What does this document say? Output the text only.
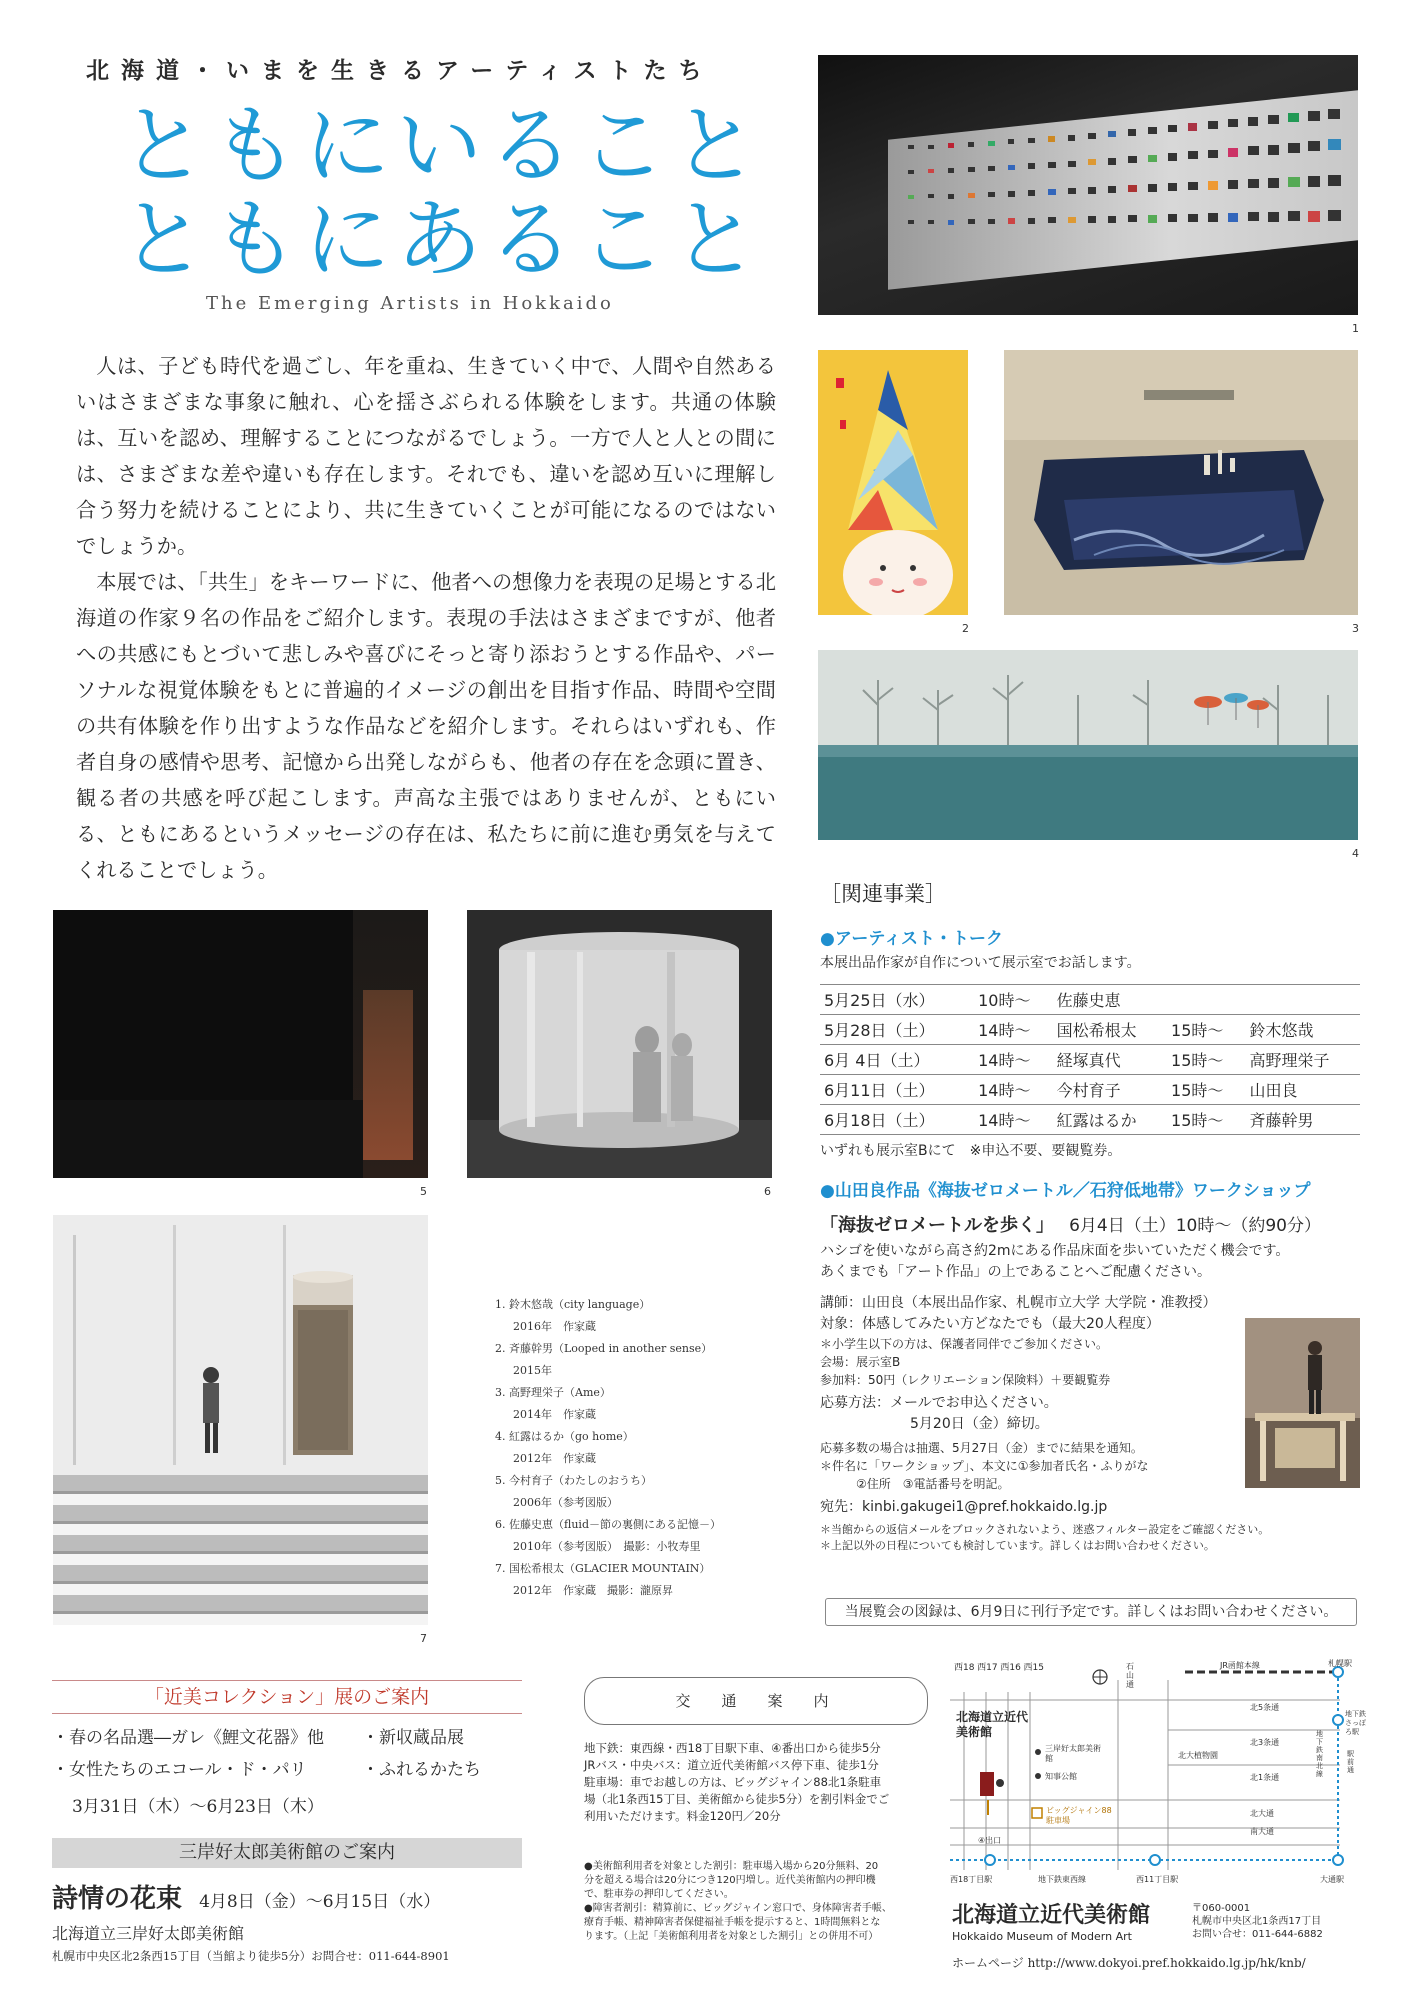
北海道・いまを生きるアーティストたち
ともにいること
ともにあること
The Emerging Artists in Hokkaido

人は、子ども時代を過ごし、年を重ね、生きていく中で、人間や自然あるいはさまざまな事象に触れ、心を揺さぶられる体験をします。共通の体験は、互いを認め、理解することにつながるでしょう。一方で人と人との間には、さまざまな差や違いも存在します。それでも、違いを認め互いに理解し合う努力を続けることにより、共に生きていくことが可能になるのではないでしょうか。

本展では、「共生」をキーワードに、他者への想像力を表現の足場とする北海道の作家９名の作品をご紹介します。表現の手法はさまざまですが、他者への共感にもとづいて悲しみや喜びにそっと寄り添おうとする作品や、パーソナルな視覚体験をもとに普遍的イメージの創出を目指す作品、時間や空間の共有体験を作り出すような作品などを紹介します。それらはいずれも、作者自身の感情や思考、記憶から出発しながらも、他者の存在を念頭に置き、観る者の共感を呼び起こします。声高な主張ではありませんが、ともにいる、ともにあるというメッセージの存在は、私たちに前に進む勇気を与えてくれることでしょう。

1
2	3
4
5	6
7
1. 鈴木悠哉（city language）
2016年　作家蔵
2. 斉藤幹男（Looped in another sense）
2015年
3. 高野理栄子（Ame）
2014年　作家蔵
4. 紅露はるか（go home）
2012年　作家蔵
5. 今村育子（わたしのおうち）
2006年（参考図版）
6. 佐藤史恵（fluid－節の裏側にある記憶－）
2010年（参考図版）　撮影：小牧寿里
7. 国松希根太（GLACIER MOUNTAIN）
2012年　作家蔵　撮影：瀧原昇
［関連事業］
●アーティスト・トーク
本展出品作家が自作について展示室でお話します。
5月25日（水）	10時～	佐藤史恵		
5月28日（土）	14時～	国松希根太	15時～	鈴木悠哉
6月 4日（土）	14時～	経塚真代	15時～	高野理栄子
6月11日（土）	14時～	今村育子	15時～	山田良
6月18日（土）	14時～	紅露はるか	15時～	斉藤幹男
いずれも展示室Bにて　※申込不要、要観覧券。
●山田良作品《海抜ゼロメートル／石狩低地帯》ワークショップ
「海抜ゼロメートルを歩く」 6月4日（土）10時～（約90分）
ハシゴを使いながら高さ約2mにある作品床面を歩いていただく機会です。
あくまでも「アート作品」の上であることへご配慮ください。
講師：山田良（本展出品作家、札幌市立大学 大学院・准教授）
対象：体感してみたい方どなたでも（最大20人程度）
＊小学生以下の方は、保護者同伴でご参加ください。
会場：展示室B
参加料：50円（レクリエーション保険料）＋要観覧券
応募方法：メールでお申込ください。
5月20日（金）締切。
応募多数の場合は抽選、5月27日（金）までに結果を通知。
＊件名に「ワークショップ」、本文に①参加者氏名・ふりがな
②住所　③電話番号を明記。
宛先：kinbi.gakugei1@pref.hokkaido.lg.jp
＊当館からの返信メールをブロックされないよう、迷惑フィルター設定をご確認ください。
＊上記以外の日程についても検討しています。詳しくはお問い合わせください。
当展覧会の図録は、6月9日に刊行予定です。詳しくはお問い合わせください。
「近美コレクション」展のご案内
・春の名品選―ガレ《鯉文花器》他 ・新収蔵品展
・女性たちのエコール・ド・パリ	・ふれるかたち
3月31日（木）～6月23日（木）
三岸好太郎美術館のご案内
詩情の花束 4月8日（金）～6月15日（水）
北海道立三岸好太郎美術館
札幌市中央区北2条西15丁目（当館より徒歩5分）お問合せ：011-644-8901
交　通　案　内
地下鉄：東西線・西18丁目駅下車、④番出口から徒歩5分
JRバス・中央バス：道立近代美術館バス停下車、徒歩1分
駐車場：車でお越しの方は、ビッグジャイン88北1条駐車
場（北1条西15丁目、美術館から徒歩5分）を割引料金でご
利用いただけます。料金120円／20分
●美術館利用者を対象とした割引：駐車場入場から20分無料、20
分を超える場合は20分につき120円増し。近代美術館内の押印機
で、駐車券の押印してください。
●障害者割引：精算前に、ビッグジャイン窓口で、身体障害者手帳、
療育手帳、精神障害者保健福祉手帳を提示すると、1時間無料とな
ります。（上記「美術館利用者を対象とした割引」との併用不可）
西18 西17 西16 西15
北海道立近代美術館
三岸好太郎美術館
知事公館
ビッグジャイン88駐車場
石山通
JR函館本線	札幌駅
北大植物園
北5条通
北3条通
北1条通
北大通
南大通
地下鉄さっぽろ駅
地下鉄南北線
駅前通
④出口
西18丁目駅	地下鉄東西線	西11丁目駅	大通駅
北海道立近代美術館
Hokkaido Museum of Modern Art
〒060-0001
札幌市中央区北1条西17丁目
お問い合せ：011-644-6882
ホームページ http://www.dokyoi.pref.hokkaido.lg.jp/hk/knb/
